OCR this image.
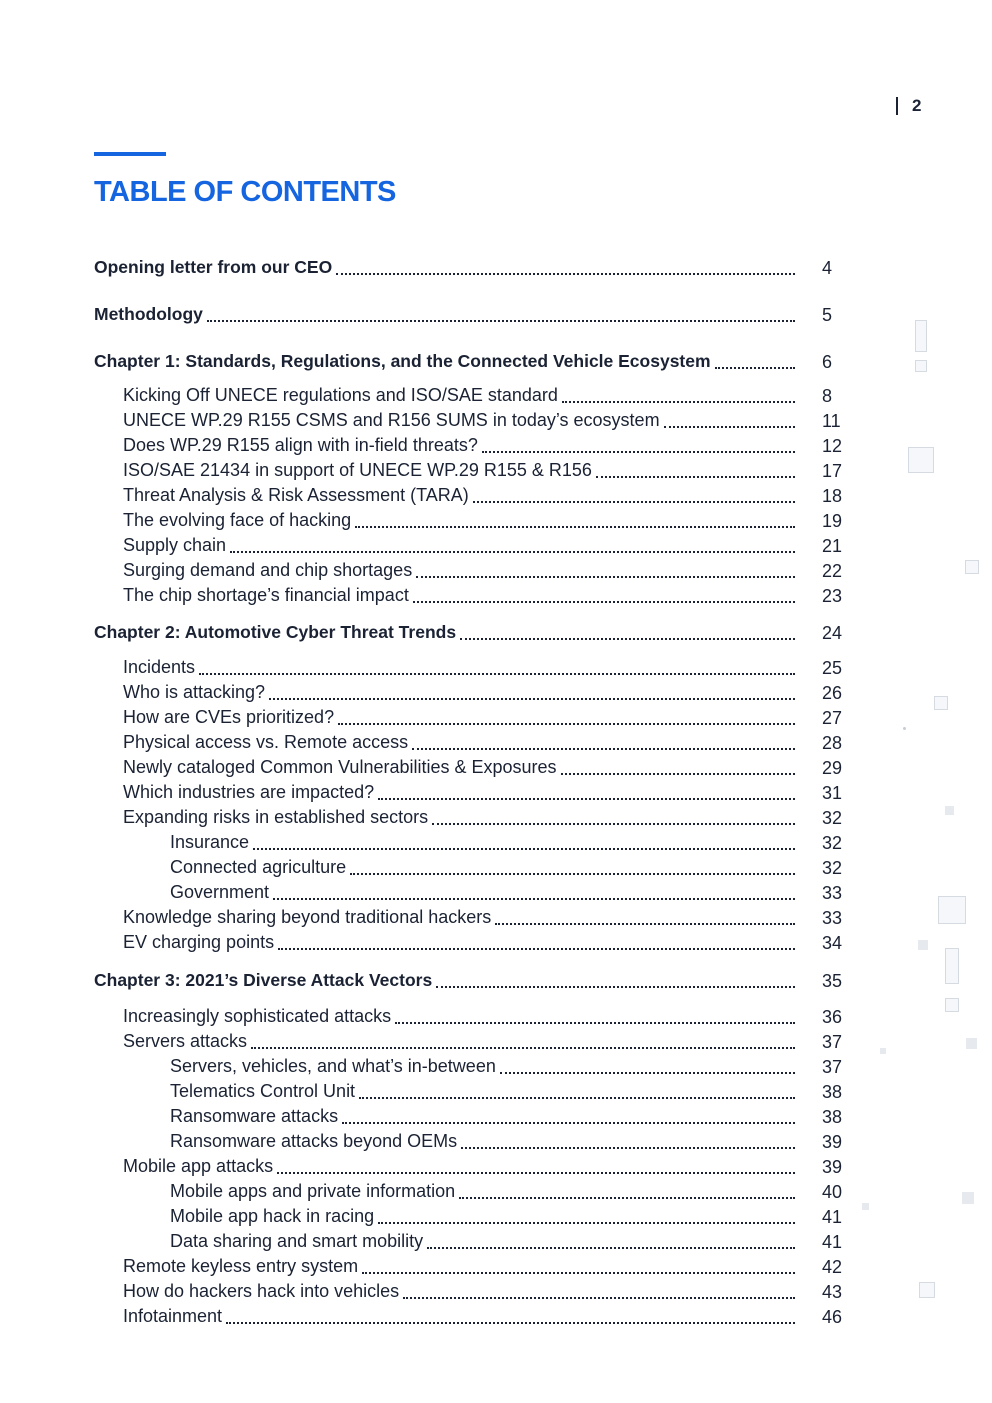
2
TABLE OF CONTENTS
Opening letter from our CEO	4
Methodology	5
Chapter 1: Standards, Regulations, and the Connected Vehicle Ecosystem	6
Kicking Off UNECE regulations and ISO/SAE standard	8
UNECE WP.29 R155 CSMS and R156 SUMS in today’s ecosystem	11
Does WP.29 R155 align with in-field threats?	12
ISO/SAE 21434 in support of UNECE WP.29 R155 & R156	17
Threat Analysis & Risk Assessment (TARA)	18
The evolving face of hacking	19
Supply chain	21
Surging demand and chip shortages	22
The chip shortage’s financial impact	23
Chapter 2: Automotive Cyber Threat Trends	24
Incidents	25
Who is attacking?	26
How are CVEs prioritized?	27
Physical access vs. Remote access	28
Newly cataloged Common Vulnerabilities & Exposures	29
Which industries are impacted?	31
Expanding risks in established sectors	32
Insurance	32
Connected agriculture	32
Government	33
Knowledge sharing beyond traditional hackers	33
EV charging points	34
Chapter 3: 2021’s Diverse Attack Vectors	35
Increasingly sophisticated attacks	36
Servers attacks	37
Servers, vehicles, and what’s in-between	37
Telematics Control Unit	38
Ransomware attacks	38
Ransomware attacks beyond OEMs	39
Mobile app attacks	39
Mobile apps and private information	40
Mobile app hack in racing	41
Data sharing and smart mobility	41
Remote keyless entry system	42
How do hackers hack into vehicles	43
Infotainment	46
